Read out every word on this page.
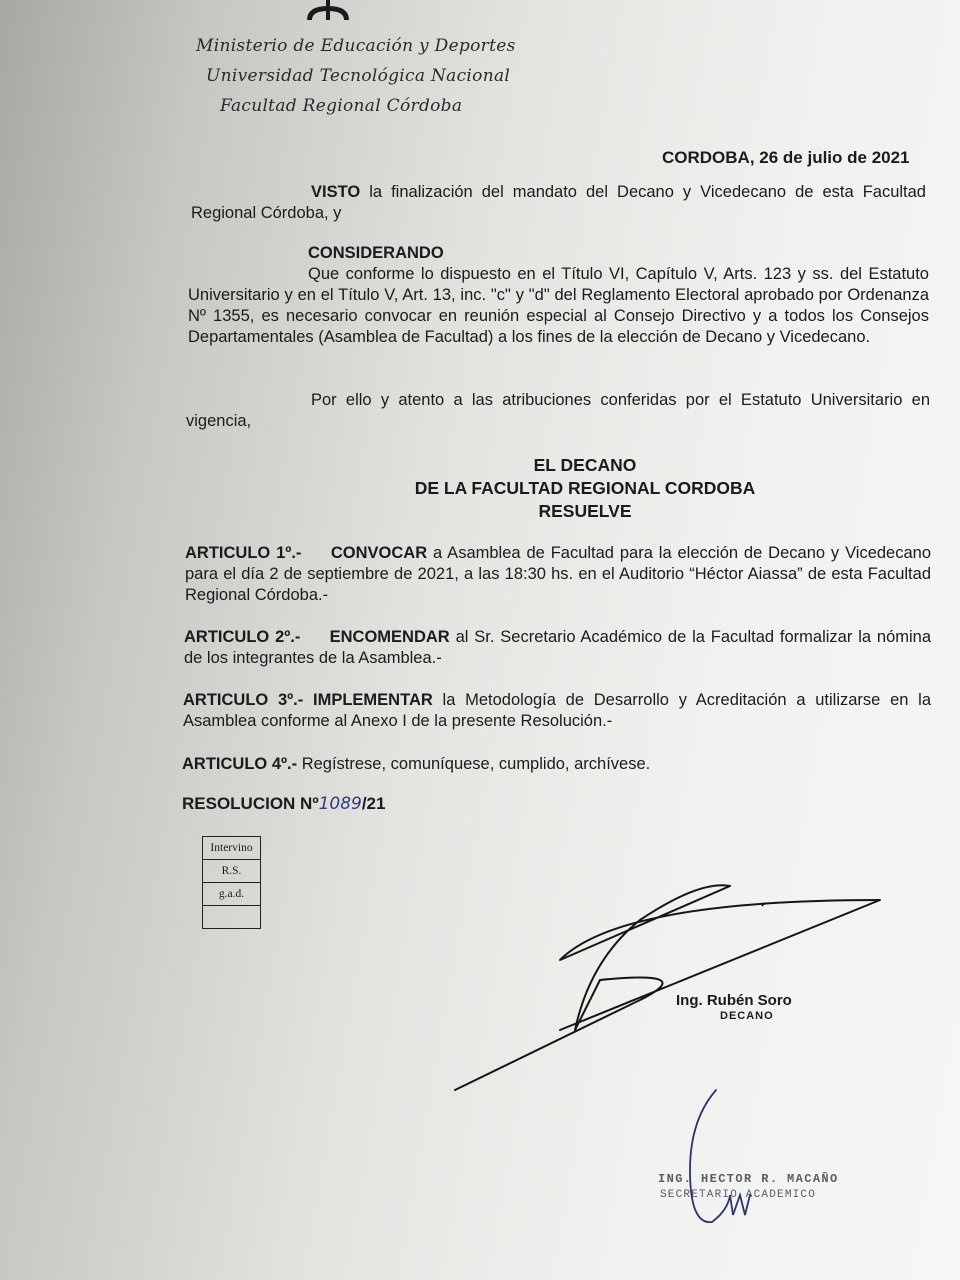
Ministerio de Educación y Deportes
Universidad Tecnológica Nacional
Facultad Regional Córdoba
CORDOBA, 26 de julio de 2021
VISTO la finalización del mandato del Decano y Vicedecano de esta Facultad Regional Córdoba, y
CONSIDERANDO
Que conforme lo dispuesto en el Título VI, Capítulo V, Arts. 123 y ss. del Estatuto Universitario y en el Título V, Art. 13, inc. "c" y "d" del Reglamento Electoral aprobado por Ordenanza Nº 1355, es necesario convocar en reunión especial al Consejo Directivo y a todos los Consejos Departamentales (Asamblea de Facultad) a los fines de la elección de Decano y Vicedecano.
Por ello y atento a las atribuciones conferidas por el Estatuto Universitario en vigencia,
EL DECANO
DE LA FACULTAD REGIONAL CORDOBA
RESUELVE
ARTICULO 1º.- CONVOCAR a Asamblea de Facultad para la elección de Decano y Vicedecano para el día 2 de septiembre de 2021, a las 18:30 hs. en el Auditorio “Héctor Aiassa” de esta Facultad Regional Córdoba.-
ARTICULO 2º.- ENCOMENDAR al Sr. Secretario Académico de la Facultad formalizar la nómina de los integrantes de la Asamblea.-
ARTICULO 3º.- IMPLEMENTAR la Metodología de Desarrollo y Acreditación a utilizarse en la Asamblea conforme al Anexo I de la presente Resolución.-
ARTICULO 4º.- Regístrese, comuníquese, cumplido, archívese.
RESOLUCION Nº1089/21
Intervino
R.S.
g.a.d.

Ing. Rubén Soro
DECANO
ING. HECTOR R. MACAÑO
SECRETARIO ACADEMICO
